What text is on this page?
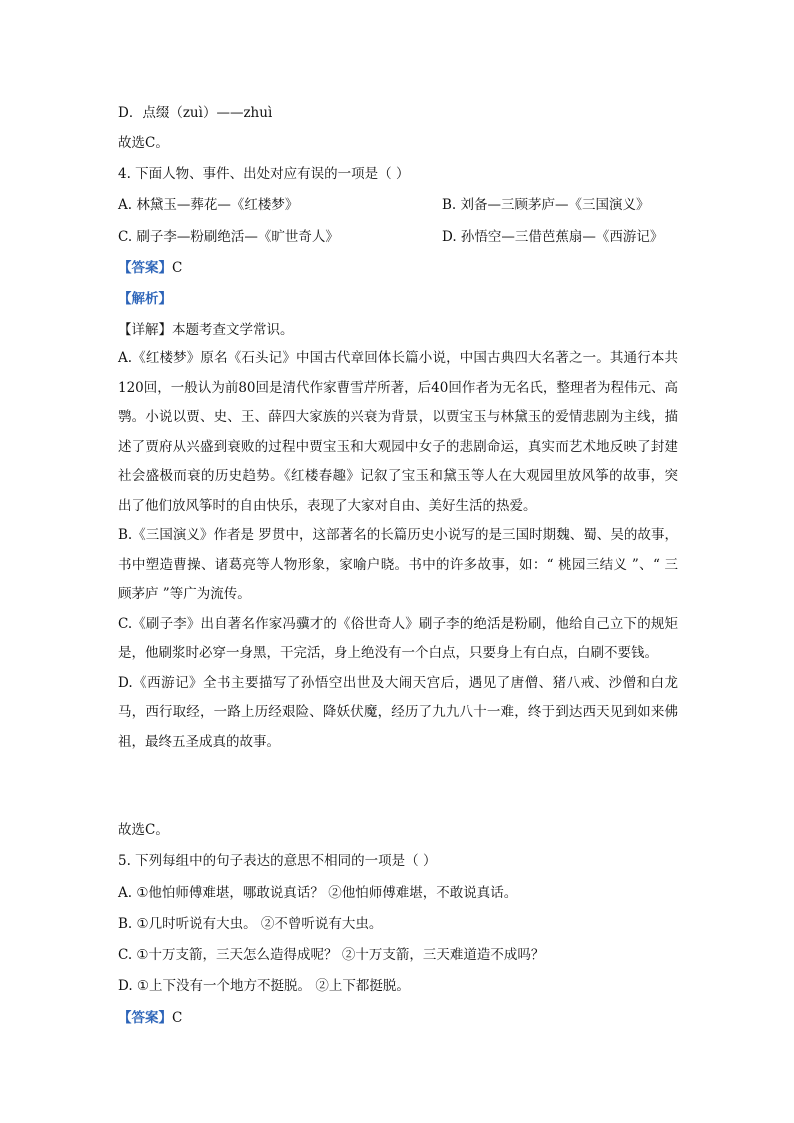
D．点缀（zuì）——zhuì
故选C。
4. 下面人物、事件、出处对应有误的一项是（ ）
A. 林黛玉—葬花—《红楼梦》	B. 刘备—三顾茅庐—《三国演义》
C. 刷子李—粉刷绝活—《旷世奇人》	D. 孙悟空—三借芭蕉扇—《西游记》
【答案】C
【解析】
【详解】本题考查文学常识。

A.《红楼梦》原名《石头记》中国古代章回体长篇小说，中国古典四大名著之一。其通行本共120回，一般认为前80回是清代作家曹雪芹所著，后40回作者为无名氏，整理者为程伟元、高鹗。小说以贾、史、王、薛四大家族的兴衰为背景，以贾宝玉与林黛玉的爱情悲剧为主线，描述了贾府从兴盛到衰败的过程中贾宝玉和大观园中女子的悲剧命运，真实而艺术地反映了封建社会盛极而衰的历史趋势。《红楼春趣》记叙了宝玉和黛玉等人在大观园里放风筝的故事，突出了他们放风筝时的自由快乐，表现了大家对自由、美好生活的热爱。

B.《三国演义》作者是 罗贯中，这部著名的长篇历史小说写的是三国时期魏、蜀、吴的故事，书中塑造曹操、诸葛亮等人物形象，家喻户晓。书中的许多故事，如：“ 桃园三结义 ”、“ 三顾茅庐 ”等广为流传。

C.《刷子李》出自著名作家冯骥才的《俗世奇人》刷子李的绝活是粉刷，他给自己立下的规矩是，他刷浆时必穿一身黑，干完活，身上绝没有一个白点，只要身上有白点，白刷不要钱。

D.《西游记》全书主要描写了孙悟空出世及大闹天宫后，遇见了唐僧、猪八戒、沙僧和白龙马，西行取经，一路上历经艰险、降妖伏魔，经历了九九八十一难，终于到达西天见到如来佛祖，最终五圣成真的故事。

故选C。
5. 下列每组中的句子表达的意思不相同的一项是（ ）
A. ①他怕师傅难堪，哪敢说真话？ ②他怕师傅难堪，不敢说真话。
B. ①几时听说有大虫。 ②不曾听说有大虫。
C. ①十万支箭，三天怎么造得成呢？ ②十万支箭，三天难道造不成吗？
D. ①上下没有一个地方不挺脱。 ②上下都挺脱。
【答案】C
